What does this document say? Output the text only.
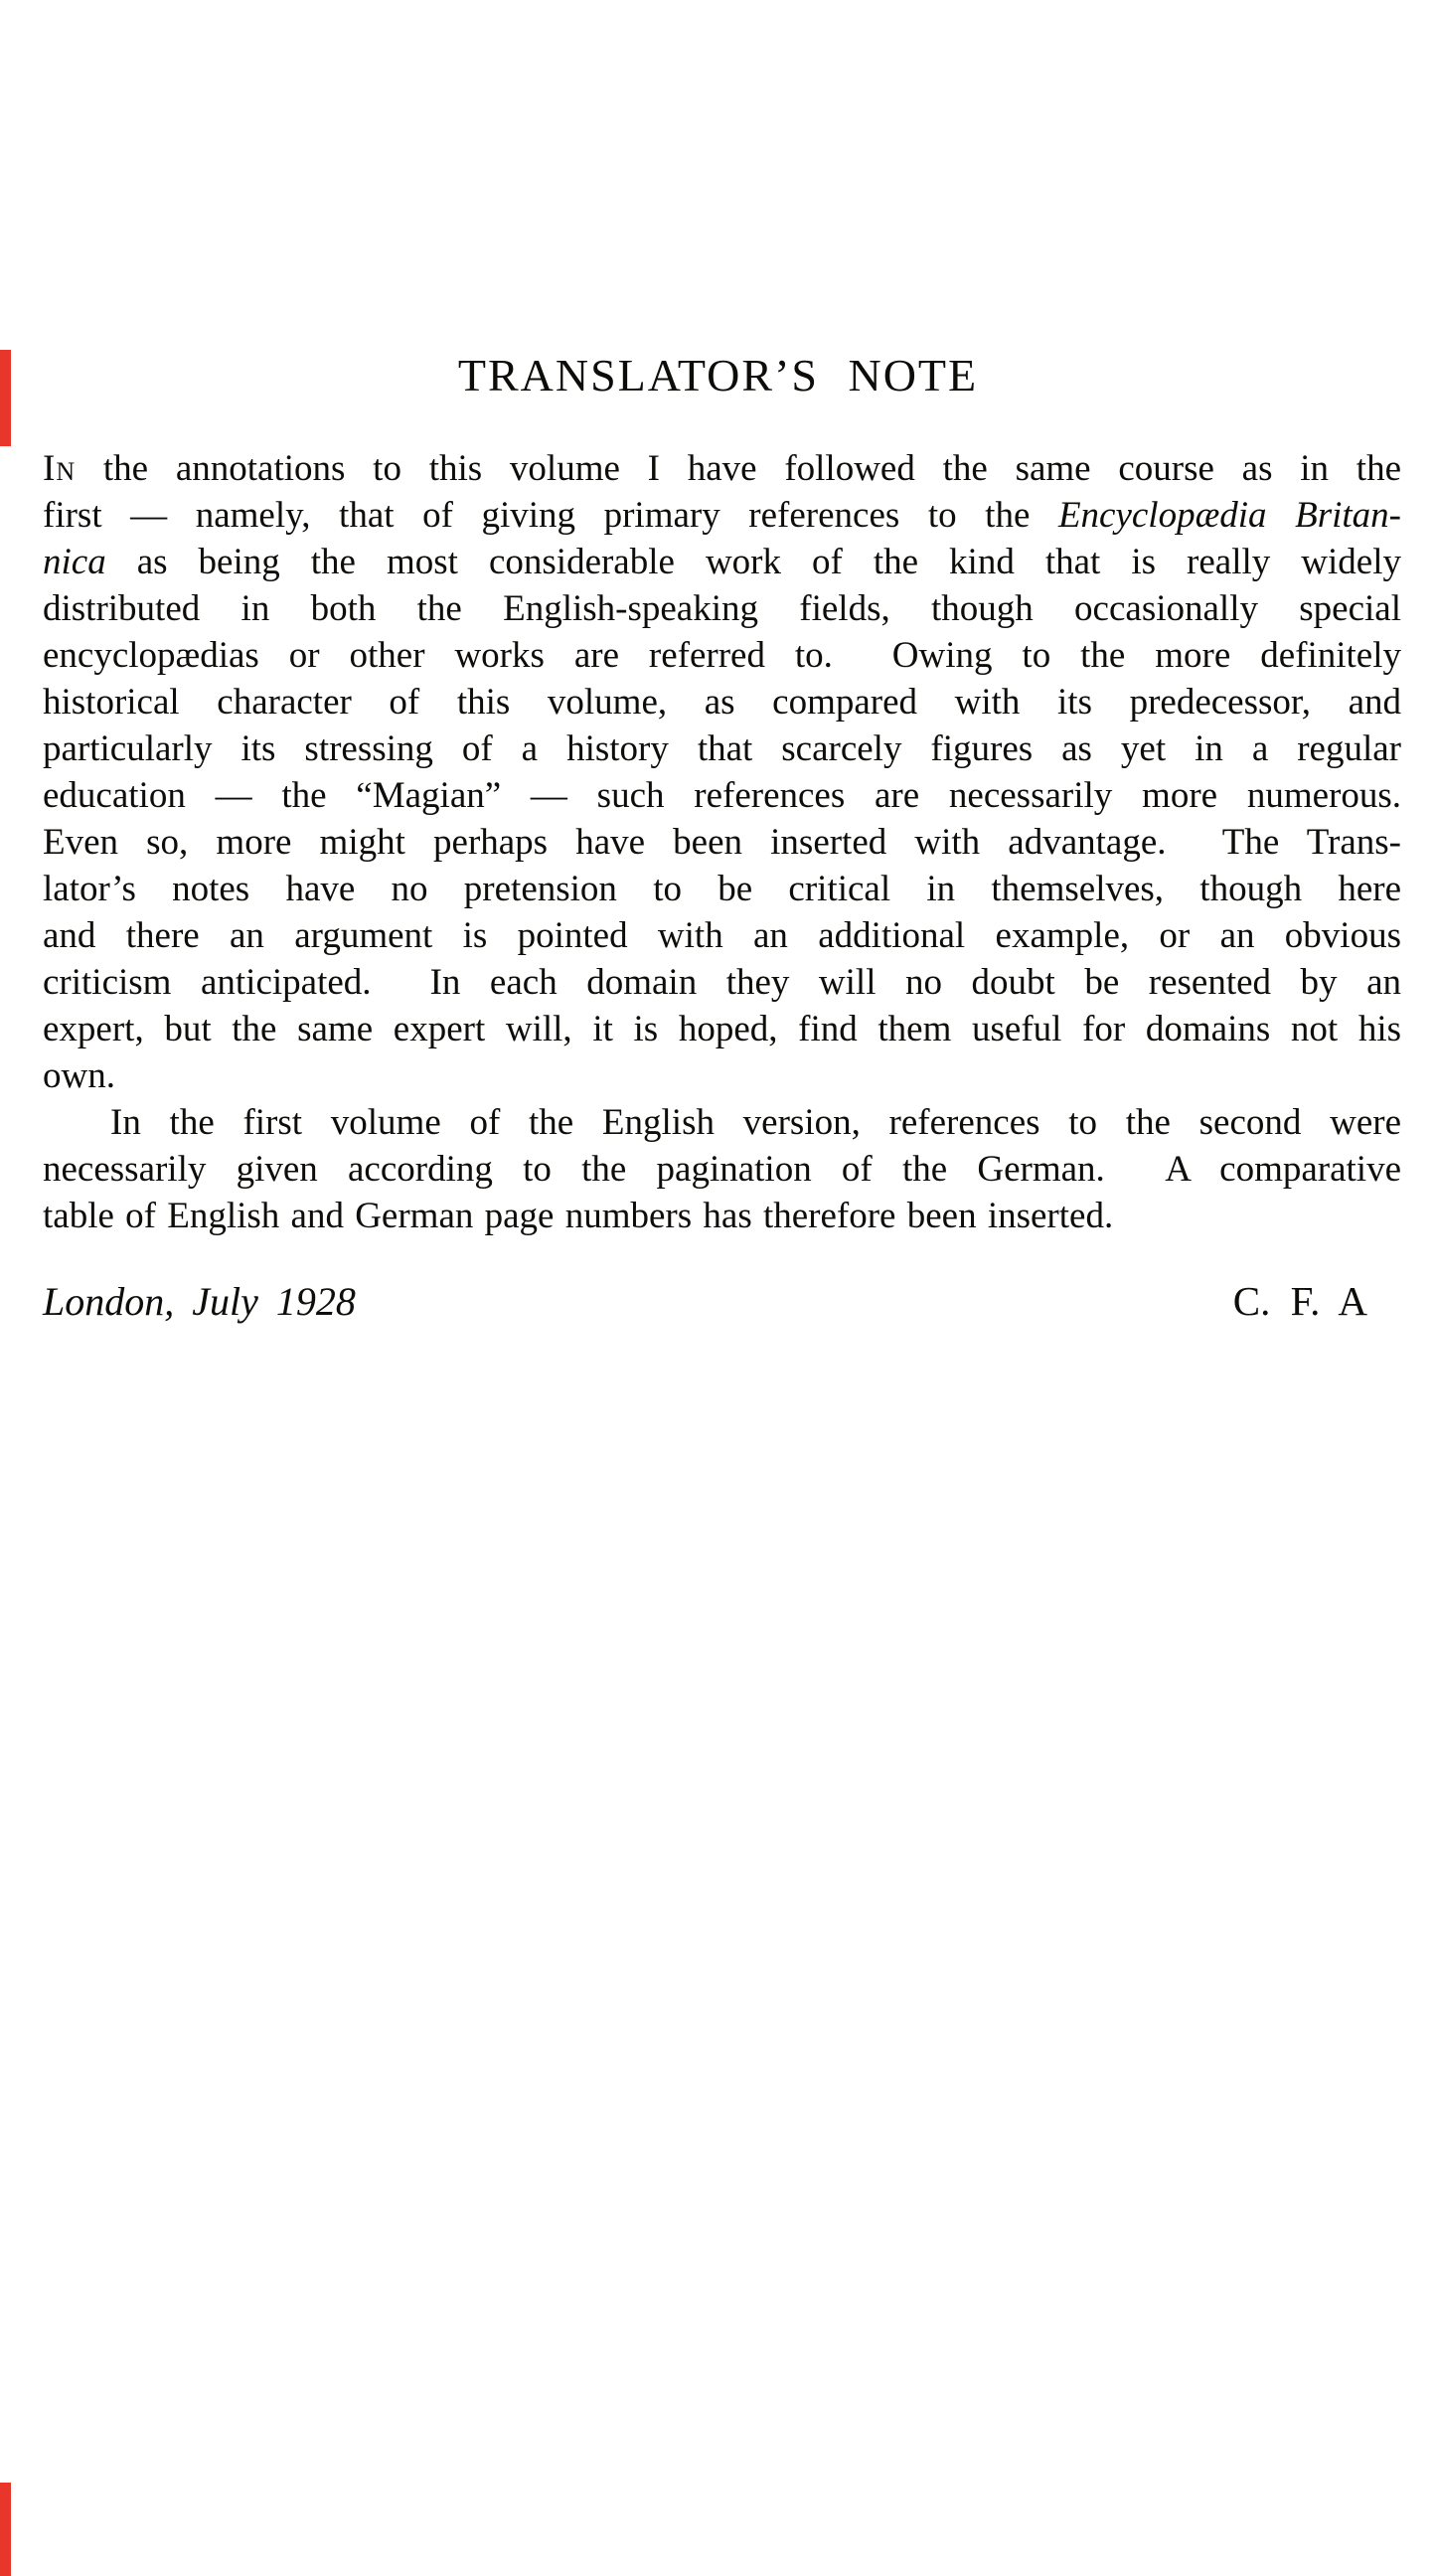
TRANSLATOR’S NOTE
In the annotations to this volume I have followed the same course as in the
first — namely, that of giving primary references to the Encyclopædia Britan-
nica as being the most considerable work of the kind that is really widely
distributed in both the English-speaking fields, though occasionally special
encyclopædias or other works are referred to.  Owing to the more definitely
historical character of this volume, as compared with its predecessor, and
particularly its stressing of a history that scarcely figures as yet in a regular
education — the “Magian” — such references are necessarily more numerous.
Even so, more might perhaps have been inserted with advantage.  The Trans-
lator’s notes have no pretension to be critical in themselves, though here
and there an argument is pointed with an additional example, or an obvious
criticism anticipated.  In each domain they will no doubt be resented by an
expert, but the same expert will, it is hoped, find them useful for domains not his
own.
In the first volume of the English version, references to the second were
necessarily given according to the pagination of the German.  A comparative
table of English and German page numbers has therefore been inserted.
London, July 1928	C. F. A
